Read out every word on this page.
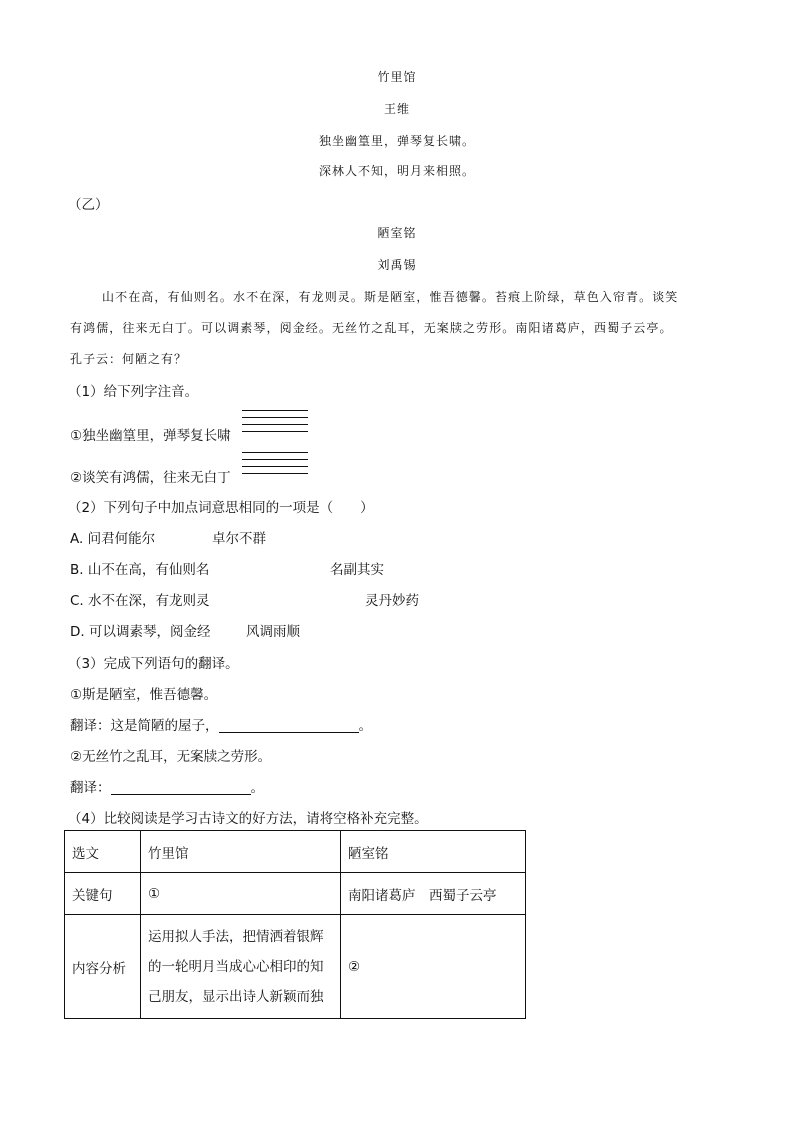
竹里馆
王维
独坐幽篁里，弹琴复长啸。
深林人不知，明月来相照。
（乙）
陋室铭
刘禹锡
山不在高，有仙则名。水不在深，有龙则灵。斯是陋室，惟吾德馨。苔痕上阶绿，草色入帘青。谈笑
有鸿儒，往来无白丁。可以调素琴，阅金经。无丝竹之乱耳，无案牍之劳形。南阳诸葛庐，西蜀子云亭。
孔子云：何陋之有？
（1）给下列字注音。
①独坐幽篁里，弹琴复长啸
②谈笑有鸿儒，往来无白丁
（2）下列句子中加点词意思相同的一项是（　　）
A. 问君何能尔	卓尔不群
B. 山不在高，有仙则名	名副其实
C. 水不在深，有龙则灵	灵丹妙药
D. 可以调素琴，阅金经	风调雨顺
（3）完成下列语句的翻译。
①斯是陋室，惟吾德馨。
翻译：这是简陋的屋子，	。
②无丝竹之乱耳，无案牍之劳形。
翻译：	。
（4）比较阅读是学习古诗文的好方法，请将空格补充完整。
选文	竹里馆	陋室铭
关键句	①	南阳诸葛庐　西蜀子云亭
内容分析	运用拟人手法，把情洒着银辉
的一轮明月当成心心相印的知
己朋友，显示出诗人新颖而独	②
